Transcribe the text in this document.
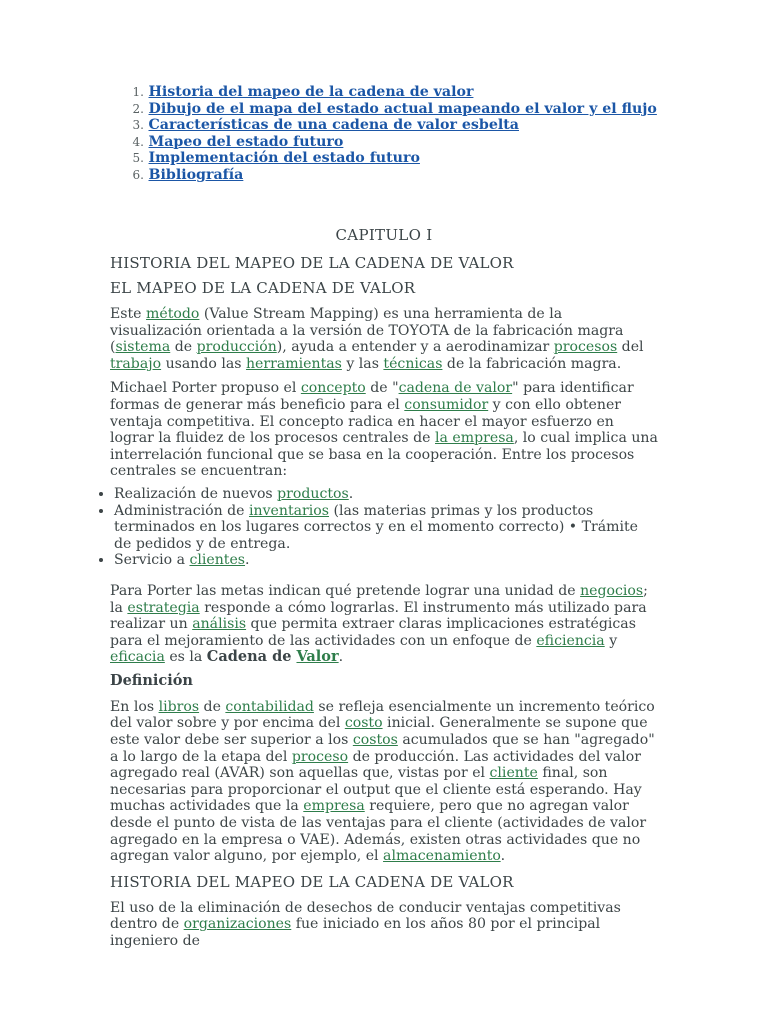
1. Historia del mapeo de la cadena de valor
2. Dibujo de el mapa del estado actual mapeando el valor y el flujo
3. Características de una cadena de valor esbelta
4. Mapeo del estado futuro
5. Implementación del estado futuro
6. Bibliografía
CAPITULO I
HISTORIA DEL MAPEO DE LA CADENA DE VALOR
EL MAPEO DE LA CADENA DE VALOR

Este método (Value Stream Mapping) es una herramienta de la visualización orientada a la versión de TOYOTA de la fabricación magra (sistema de producción), ayuda a entender y a aerodinamizar procesos del trabajo usando las herramientas y las técnicas de la fabricación magra.

Michael Porter propuso el concepto de "cadena de valor" para identificar formas de generar más beneficio para el consumidor y con ello obtener ventaja competitiva. El concepto radica en hacer el mayor esfuerzo en lograr la fluidez de los procesos centrales de la empresa, lo cual implica una interrelación funcional que se basa en la cooperación. Entre los procesos centrales se encuentran:

• Realización de nuevos productos.
• Administración de inventarios (las materias primas y los productos terminados en los lugares correctos y en el momento correcto) • Trámite de pedidos y de entrega.
• Servicio a clientes.

Para Porter las metas indican qué pretende lograr una unidad de negocios; la estrategia responde a cómo lograrlas. El instrumento más utilizado para realizar un análisis que permita extraer claras implicaciones estratégicas para el mejoramiento de las actividades con un enfoque de eficiencia y eficacia es la Cadena de Valor.

Definición

En los libros de contabilidad se refleja esencialmente un incremento teórico del valor sobre y por encima del costo inicial. Generalmente se supone que este valor debe ser superior a los costos acumulados que se han "agregado" a lo largo de la etapa del proceso de producción. Las actividades del valor agregado real (AVAR) son aquellas que, vistas por el cliente final, son necesarias para proporcionar el output que el cliente está esperando. Hay muchas actividades que la empresa requiere, pero que no agregan valor desde el punto de vista de las ventajas para el cliente (actividades de valor agregado en la empresa o VAE). Además, existen otras actividades que no agregan valor alguno, por ejemplo, el almacenamiento.

HISTORIA DEL MAPEO DE LA CADENA DE VALOR

El uso de la eliminación de desechos de conducir ventajas competitivas dentro de organizaciones fue iniciado en los años 80 por el principal ingeniero de
